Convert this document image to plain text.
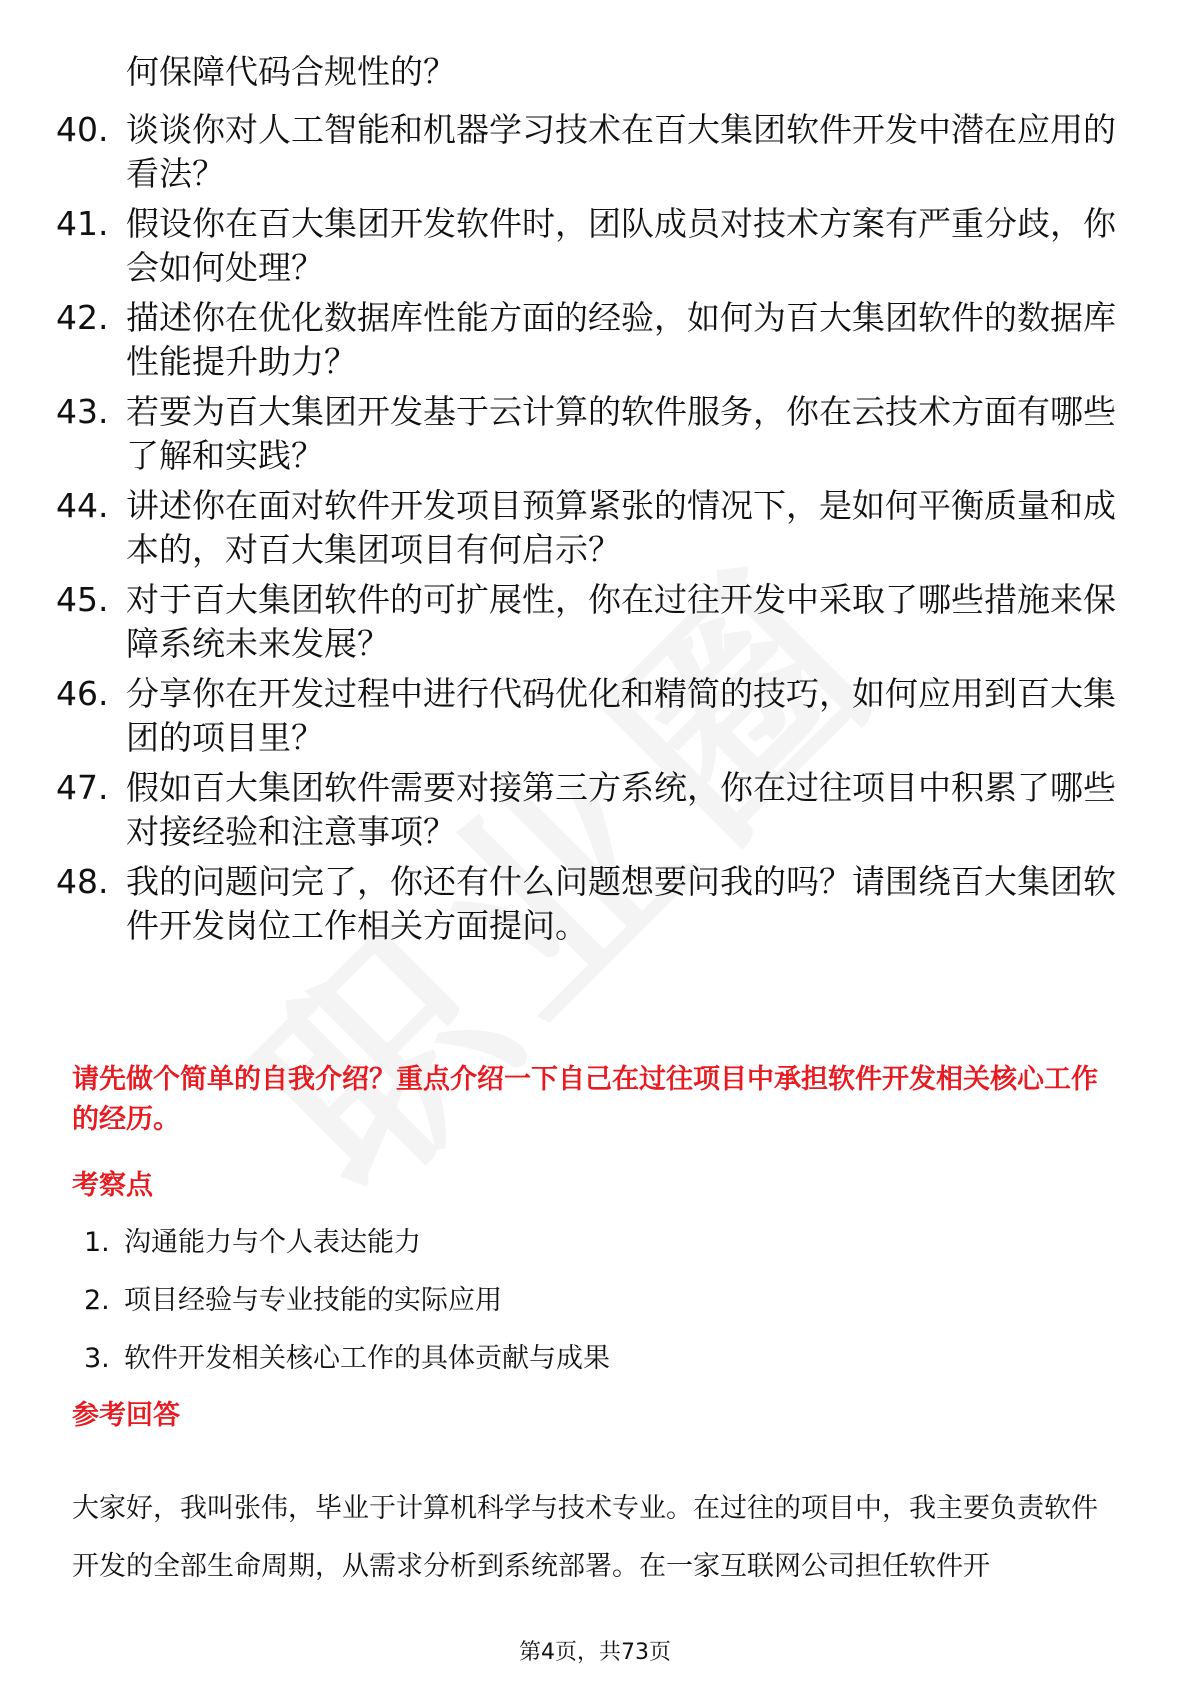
何保障代码合规性的？
40. 谈谈你对人工智能和机器学习技术在百大集团软件开发中潜在应用的看法？
41. 假设你在百大集团开发软件时，团队成员对技术方案有严重分歧，你会如何处理？
42. 描述你在优化数据库性能方面的经验，如何为百大集团软件的数据库性能提升助力？
43. 若要为百大集团开发基于云计算的软件服务，你在云技术方面有哪些了解和实践？
44. 讲述你在面对软件开发项目预算紧张的情况下，是如何平衡质量和成本的，对百大集团项目有何启示？
45. 对于百大集团软件的可扩展性，你在过往开发中采取了哪些措施来保障系统未来发展？
46. 分享你在开发过程中进行代码优化和精简的技巧，如何应用到百大集团的项目里？
47. 假如百大集团软件需要对接第三方系统，你在过往项目中积累了哪些对接经验和注意事项？
48. 我的问题问完了，你还有什么问题想要问我的吗？请围绕百大集团软件开发岗位工作相关方面提问。
请先做个简单的自我介绍？重点介绍一下自己在过往项目中承担软件开发相关核心工作的经历。
考察点
1. 沟通能力与个人表达能力
2. 项目经验与专业技能的实际应用
3. 软件开发相关核心工作的具体贡献与成果
参考回答
大家好，我叫张伟，毕业于计算机科学与技术专业。在过往的项目中，我主要负责软件开发的全部生命周期，从需求分析到系统部署。在一家互联网公司担任软件开
第4页，共73页
